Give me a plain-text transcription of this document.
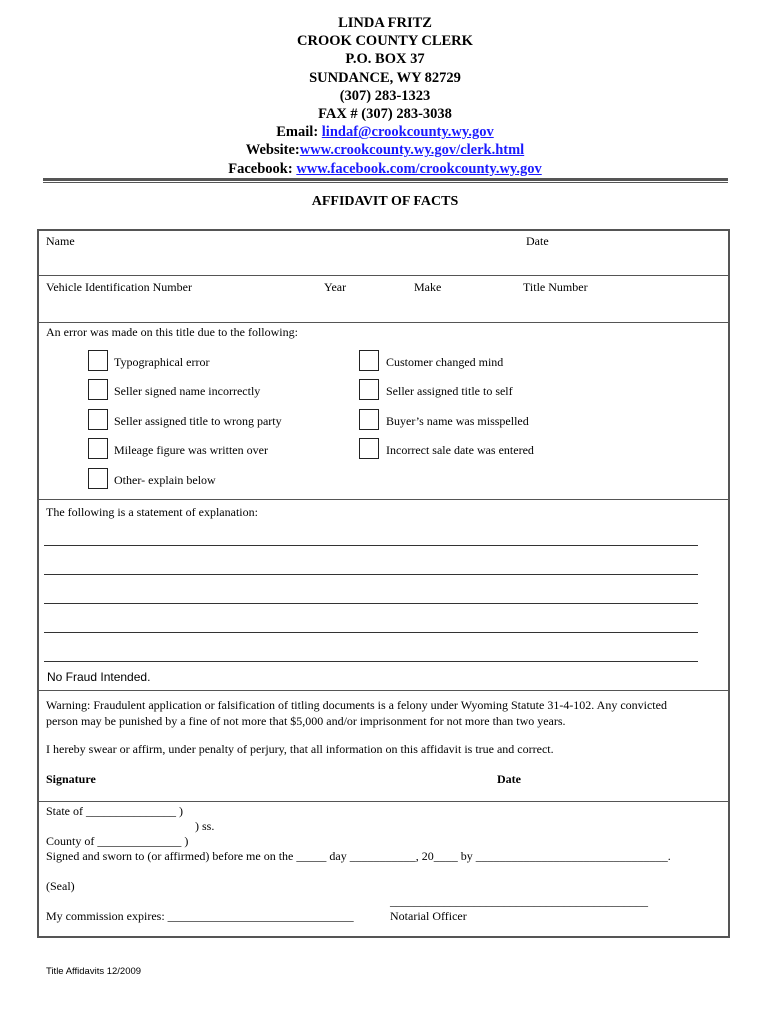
LINDA FRITZ
CROOK COUNTY CLERK
P.O. BOX 37
SUNDANCE, WY 82729
(307) 283-1323
FAX # (307) 283-3038
Email: lindaf@crookcounty.wy.gov
Website:www.crookcounty.wy.gov/clerk.html
Facebook: www.facebook.com/crookcounty.wy.gov
AFFIDAVIT OF FACTS
Name	Date
Vehicle Identification Number	Year	Make	Title Number
An error was made on this title due to the following:
Typographical error	Customer changed mind
Seller signed name incorrectly	Seller assigned title to self
Seller assigned title to wrong party	Buyer’s name was misspelled
Mileage figure was written over	Incorrect sale date was entered
Other- explain below
The following is a statement of explanation:
No Fraud Intended.
Warning: Fraudulent application or falsification of titling documents is a felony under Wyoming Statute 31-4-102. Any convicted
person may be punished by a fine of not more that $5,000 and/or imprisonment for not more than two years.
I hereby swear or affirm, under penalty of perjury, that all information on this affidavit is true and correct.
Signature	Date
State of _______________ )
) ss.
County of ______________ )
Signed and sworn to (or affirmed) before me on the _____ day ___________, 20____ by ________________________________.
(Seal)
___________________________________________
My commission expires: _______________________________	Notarial Officer
Title Affidavits 12/2009
